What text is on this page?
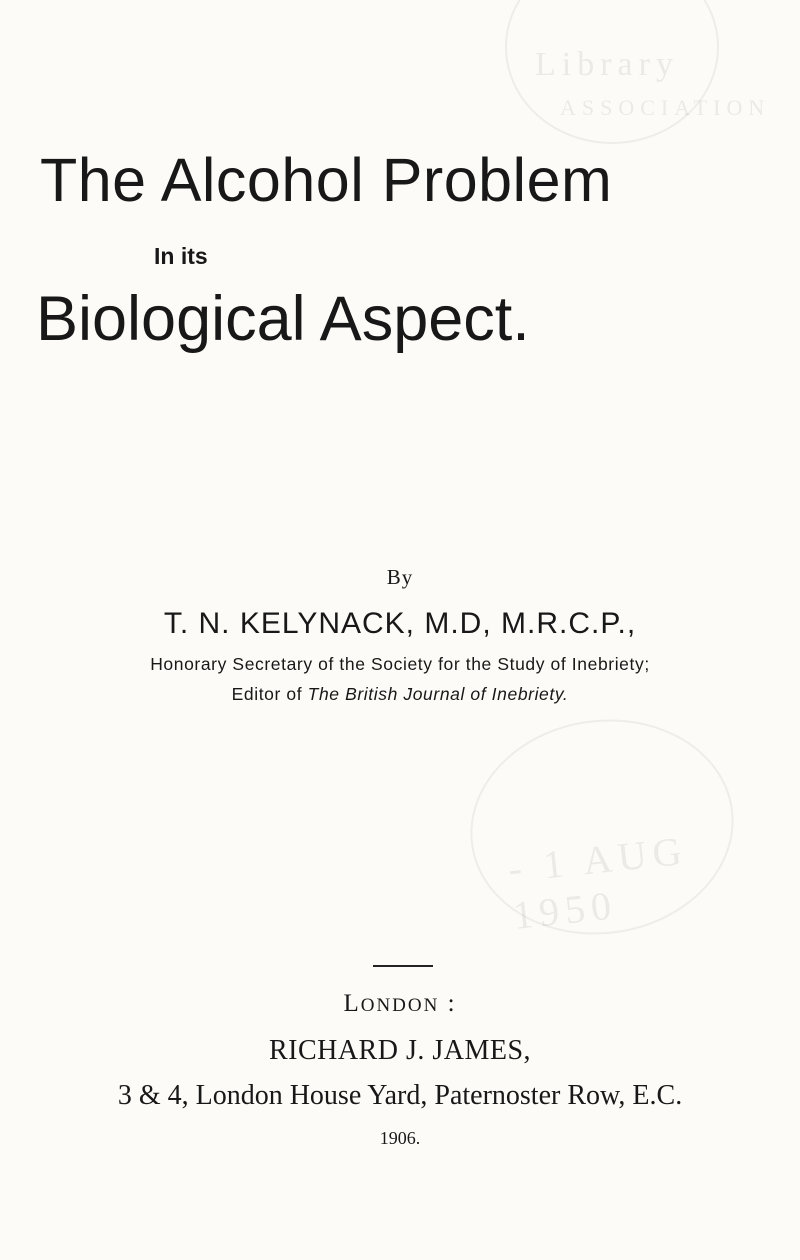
Library
ASSOCIATION
- 1 AUG 1950
The Alcohol Problem
In its
Biological Aspect.
By
T. N. KELYNACK, M.D, M.R.C.P.,
Honorary Secretary of the Society for the Study of Inebriety;
Editor of The British Journal of Inebriety.
LONDON :
RICHARD J. JAMES,
3 & 4, London House Yard, Paternoster Row, E.C.
1906.
